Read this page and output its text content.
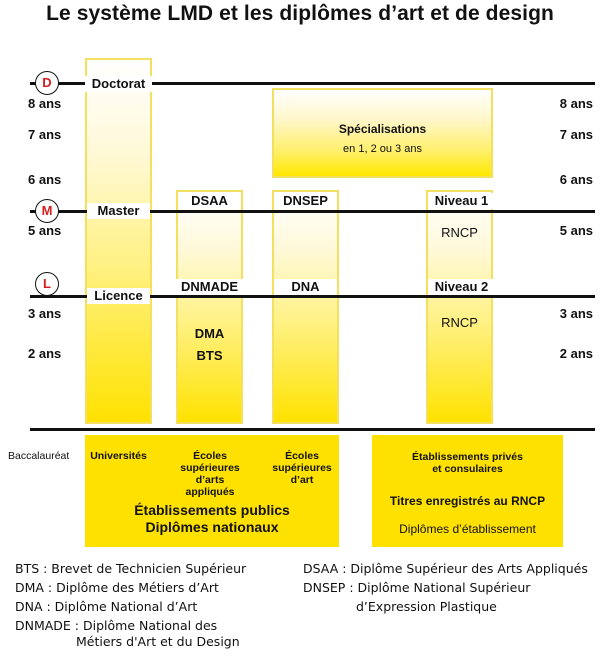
Le système LMD et les diplômes d’art et de design
D
M
L
8 ans
7 ans
6 ans
5 ans
3 ans
2 ans
8 ans
7 ans
6 ans
5 ans
3 ans
2 ans
Doctorat
Master
Licence
DSAA
DNMADE
DMA
BTS
DNSEP
DNA
Spécialisations
en 1, 2 ou 3 ans
Niveau 1
RNCP
Niveau 2
RNCP
Baccalauréat	Universités	Écoles
supérieures
d’arts appliqués
Écoles
supérieures
d’art
Établissements publics
Diplômes nationaux
Établissements privés
et consulaires
Titres enregistrés au RNCP
Diplômes d’établissement
BTS : Brevet de Technicien Supérieur
DMA : Diplôme des Métiers d’Art
DNA : Diplôme National d’Art
DNMADE : Diplôme National des
Métiers d'Art et du Design
DSAA : Diplôme Supérieur des Arts Appliqués
DNSEP : Diplôme National Supérieur
d’Expression Plastique
